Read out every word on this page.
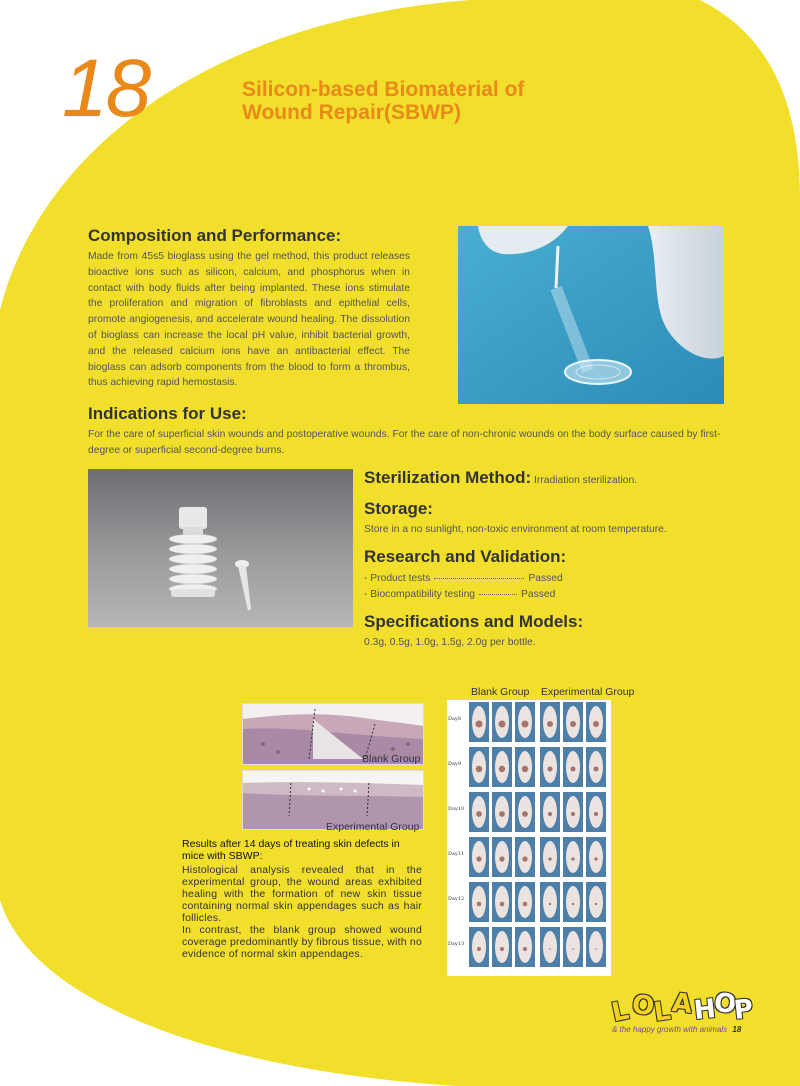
18	Silicon-based Biomaterial of
Wound Repair(SBWP)
Composition and Performance:
Made from 45s5 bioglass using the gel method, this product releases bioactive ions such as silicon, calcium, and phosphorus when in contact with body fluids after being implanted. These ions stimulate the proliferation and migration of fibroblasts and epithelial cells, promote angiogenesis, and accelerate wound healing. The dissolution of bioglass can increase the local pH value, inhibit bacterial growth, and the released calcium ions have an antibacterial effect. The bioglass can adsorb components from the blood to form a thrombus, thus achieving rapid hemostasis.
Indications for Use:
For the care of superficial skin wounds and postoperative wounds. For the care of non-chronic wounds on the body surface caused by first-degree or superficial second-degree burns.
Sterilization Method: Irradiation sterilization.
Storage:
Store in a no sunlight, non-toxic environment at room temperature.
Research and Validation:
- Product tests	Passed
- Biocompatibility testing	Passed
Specifications and Models:
0.3g, 0.5g, 1.0g, 1.5g, 2.0g per bottle.
Blank Group
Experimental Group
Results after 14 days of treating skin defects in mice with SBWP:
Histological analysis revealed that in the experimental group, the wound areas exhibited healing with the formation of new skin tissue containing normal skin appendages such as hair follicles.
In contrast, the blank group showed wound coverage predominantly by fibrous tissue, with no evidence of normal skin appendages.
Blank Group Experimental Group
Day8
Day9
Day10
Day11
Day12
Day13
L
O
L
A
H
O
P
& the happy growth with animals 18
